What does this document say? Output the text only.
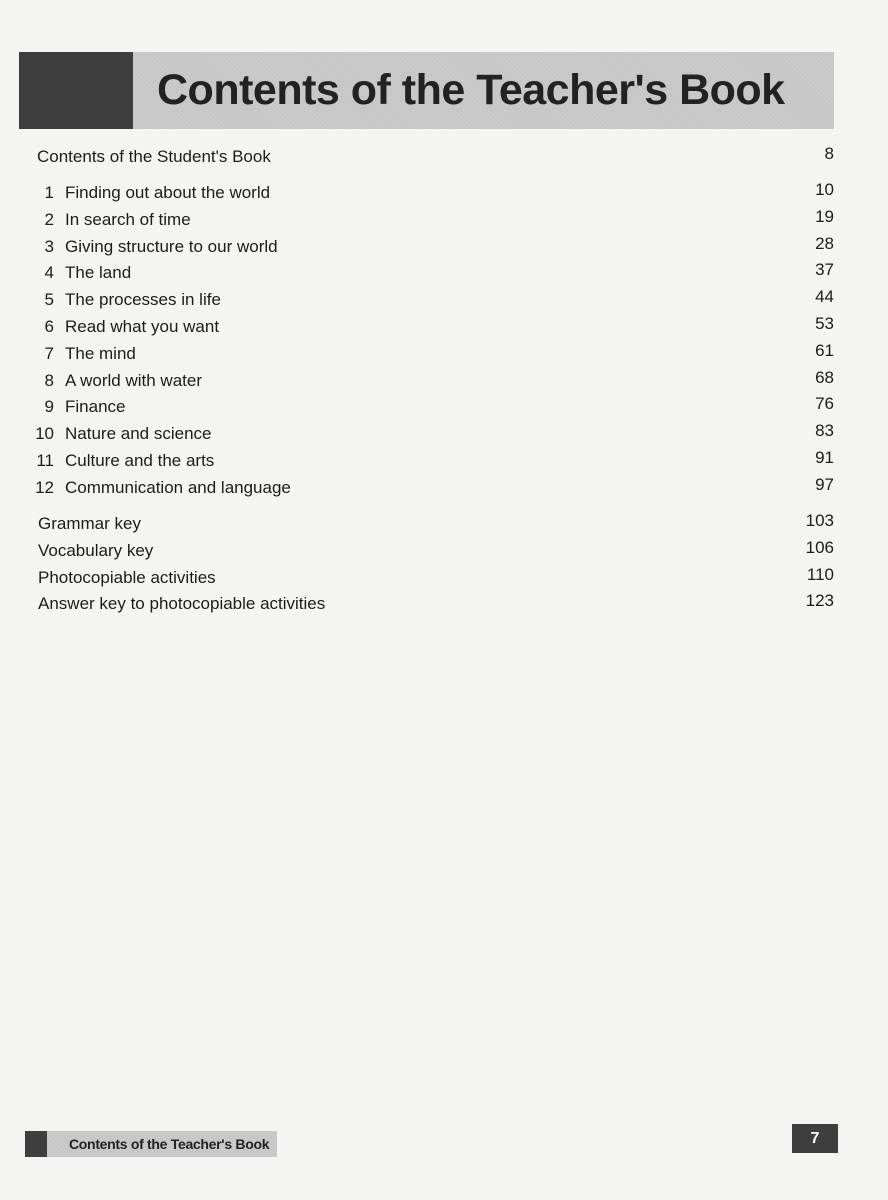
Contents of the Teacher's Book
Contents of the Student's Book	8
1 Finding out about the world	10
2 In search of time	19
3 Giving structure to our world	28
4 The land	37
5 The processes in life	44
6 Read what you want	53
7 The mind	61
8 A world with water	68
9 Finance	76
10 Nature and science	83
11 Culture and the arts	91
12 Communication and language	97
Grammar key	103
Vocabulary key	106
Photocopiable activities	110
Answer key to photocopiable activities	123
Contents of the Teacher's Book	7
